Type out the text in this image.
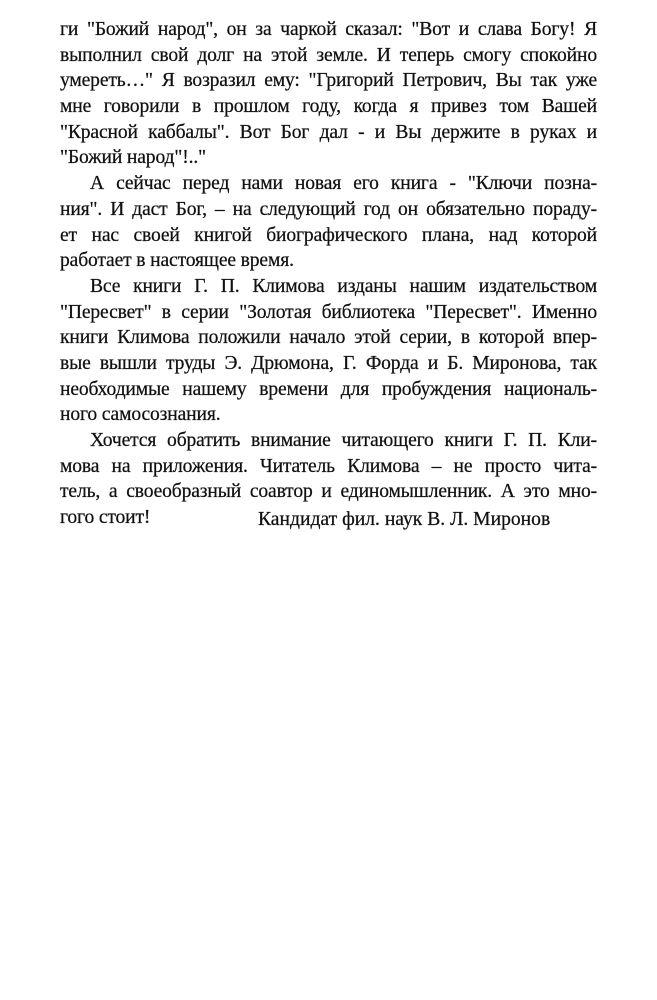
ги "Божий народ", он за чаркой сказал: "Вот и слава Богу! Я
выполнил свой долг на этой земле. И теперь смогу спокойно
умереть…" Я возразил ему: "Григорий Петрович, Вы так уже
мне говорили в прошлом году, когда я привез том Вашей
"Красной каббалы". Вот Бог дал - и Вы держите в руках и
"Божий народ"!.."
А сейчас перед нами новая его книга - "Ключи позна-
ния". И даст Бог, – на следующий год он обязательно пораду-
ет нас своей книгой биографического плана, над которой
работает в настоящее время.
Все книги Г. П. Климова изданы нашим издательством
"Пересвет" в серии "Золотая библиотека "Пересвет". Именно
книги Климова положили начало этой серии, в которой впер-
вые вышли труды Э. Дрюмона, Г. Форда и Б. Миронова, так
необходимые нашему времени для пробуждения националь-
ного самосознания.
Хочется обратить внимание читающего книги Г. П. Кли-
мова на приложения. Читатель Климова – не просто чита-
тель, а своеобразный соавтор и единомышленник. А это мно-
гого стоит!	Кандидат фил. наук В. Л. Миронов
